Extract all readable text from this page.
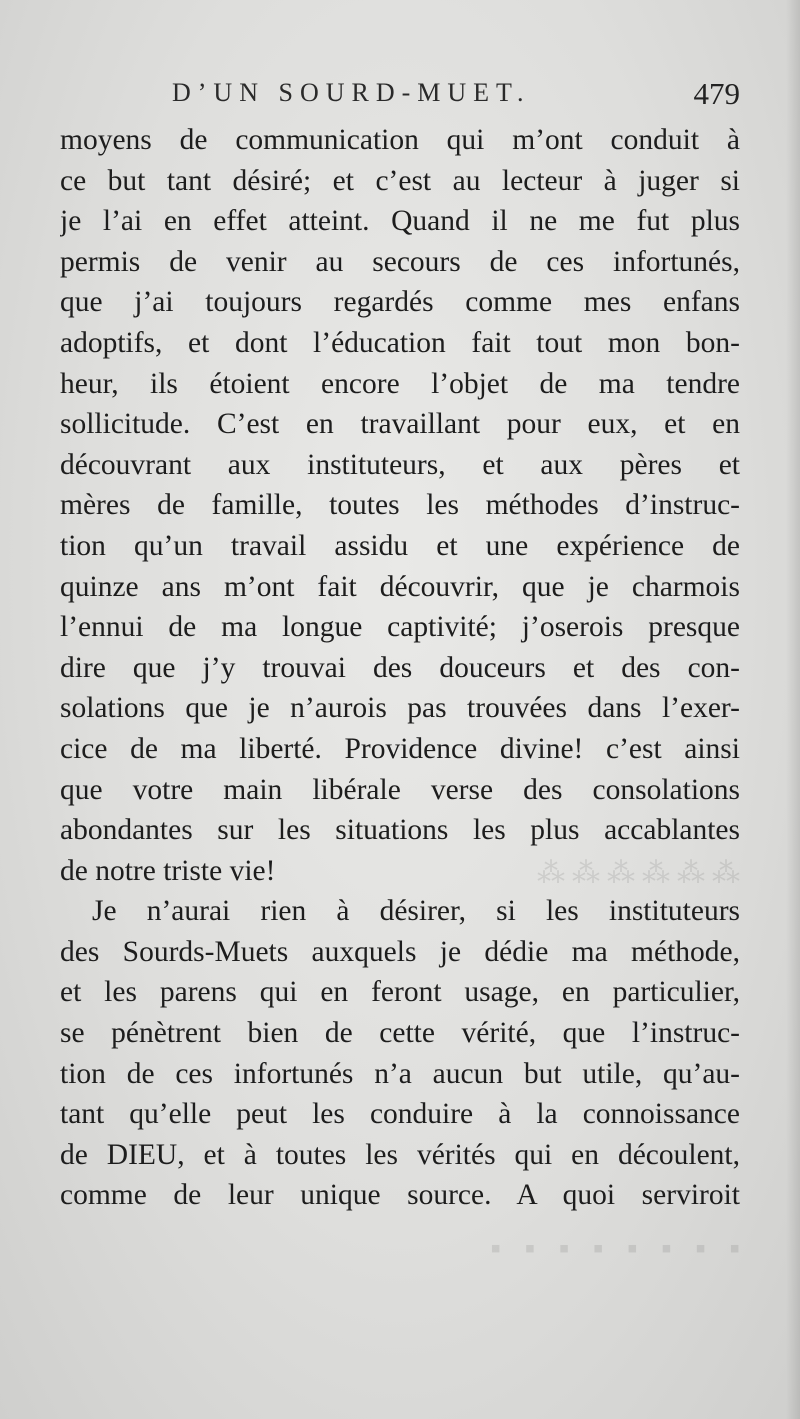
⁂ ⁂ ⁂ ⁂ ⁂ ⁂
▪ ▪ ▪ ▪ ▪ ▪ ▪ ▪
D’UN SOURD-MUET.	479
moyens de communication qui m’ont conduit à
ce but tant désiré; et c’est au lecteur à juger si
je l’ai en effet atteint. Quand il ne me fut plus
permis de venir au secours de ces infortunés,
que j’ai toujours regardés comme mes enfans
adoptifs, et dont l’éducation fait tout mon bon-
heur, ils étoient encore l’objet de ma tendre
sollicitude. C’est en travaillant pour eux, et en
découvrant aux instituteurs, et aux pères et
mères de famille, toutes les méthodes d’instruc-
tion qu’un travail assidu et une expérience de
quinze ans m’ont fait découvrir, que je charmois
l’ennui de ma longue captivité; j’oserois presque
dire que j’y trouvai des douceurs et des con-
solations que je n’aurois pas trouvées dans l’exer-
cice de ma liberté. Providence divine! c’est ainsi
que votre main libérale verse des consolations
abondantes sur les situations les plus accablantes
de notre triste vie!
Je n’aurai rien à désirer, si les instituteurs
des Sourds-Muets auxquels je dédie ma méthode,
et les parens qui en feront usage, en particulier,
se pénètrent bien de cette vérité, que l’instruc-
tion de ces infortunés n’a aucun but utile, qu’au-
tant qu’elle peut les conduire à la connoissance
de DIEU, et à toutes les vérités qui en découlent,
comme de leur unique source. A quoi serviroit
